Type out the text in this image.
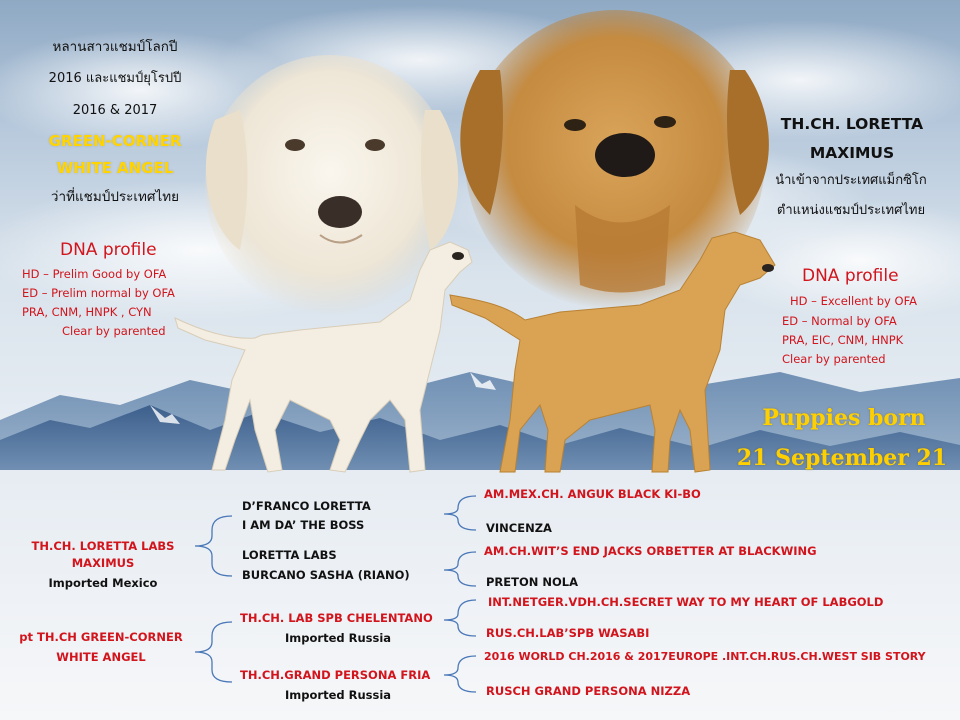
หลานสาวแชมป์โลกปี
2016 และแชมป์ยุโรปปี
2016 & 2017
GREEN-CORNER
WHITE ANGEL
ว่าที่แชมป์ประเทศไทย
DNA profile
HD – Prelim Good by OFA
ED – Prelim normal by OFA
PRA, CNM, HNPK , CYN
Clear by parented
TH.CH. LORETTA
MAXIMUS
นำเข้าจากประเทศแม็กซิโก
ตำแหน่งแชมป์ประเทศไทย
DNA profile
HD – Excellent by OFA
ED – Normal by OFA
PRA, EIC, CNM, HNPK
Clear by parented
Puppies born
21 September 21
TH.CH. LORETTA LABS
MAXIMUS
Imported Mexico
D’FRANCO LORETTA
I AM DA’ THE BOSS
LORETTA LABS
BURCANO SASHA (RIANO)
AM.MEX.CH. ANGUK BLACK KI-BO
VINCENZA
AM.CH.WIT’S END JACKS ORBETTER AT BLACKWING
PRETON NOLA
pt TH.CH GREEN-CORNER
WHITE ANGEL
TH.CH. LAB SPB CHELENTANO
Imported Russia
TH.CH.GRAND PERSONA FRIA
Imported Russia
INT.NETGER.VDH.CH.SECRET WAY TO MY HEART OF LABGOLD
RUS.CH.LAB’SPB WASABI
2016 WORLD CH.2016 & 2017EUROPE .INT.CH.RUS.CH.WEST SIB STORY
RUSCH GRAND PERSONA NIZZA
